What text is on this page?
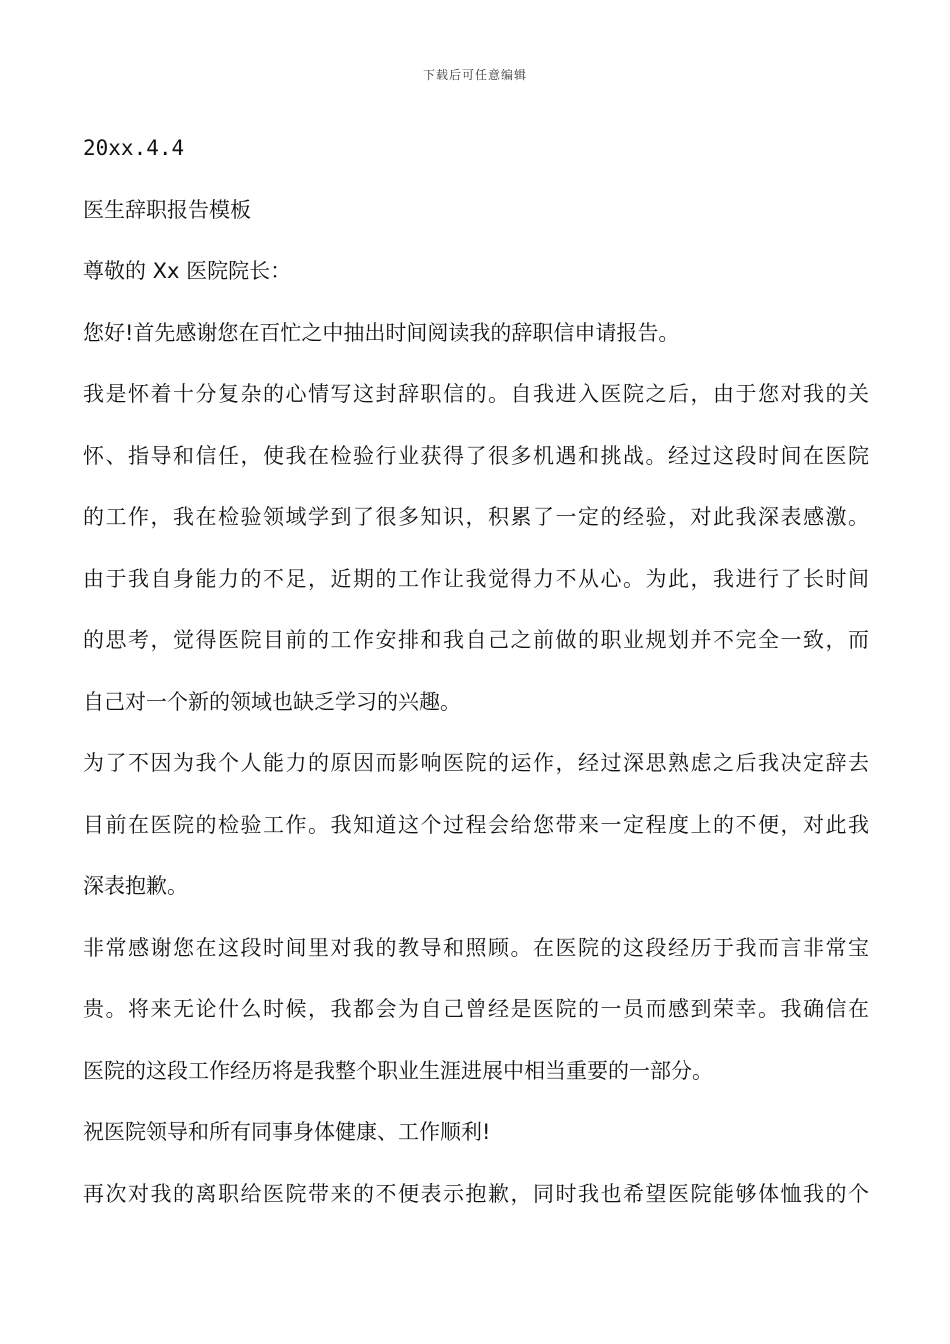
下载后可任意编辑
20xx.4.4
医生辞职报告模板
尊敬的 Xx 医院院长：
您好!首先感谢您在百忙之中抽出时间阅读我的辞职信申请报告。
我是怀着十分复杂的心情写这封辞职信的。自我进入医院之后，由于您对我的关
怀、指导和信任，使我在检验行业获得了很多机遇和挑战。经过这段时间在医院
的工作，我在检验领域学到了很多知识，积累了一定的经验，对此我深表感激。
由于我自身能力的不足，近期的工作让我觉得力不从心。为此，我进行了长时间
的思考，觉得医院目前的工作安排和我自己之前做的职业规划并不完全一致，而
自己对一个新的领域也缺乏学习的兴趣。
为了不因为我个人能力的原因而影响医院的运作，经过深思熟虑之后我决定辞去
目前在医院的检验工作。我知道这个过程会给您带来一定程度上的不便，对此我
深表抱歉。
非常感谢您在这段时间里对我的教导和照顾。在医院的这段经历于我而言非常宝
贵。将来无论什么时候，我都会为自己曾经是医院的一员而感到荣幸。我确信在
医院的这段工作经历将是我整个职业生涯进展中相当重要的一部分。
祝医院领导和所有同事身体健康、工作顺利!
再次对我的离职给医院带来的不便表示抱歉，同时我也希望医院能够体恤我的个
